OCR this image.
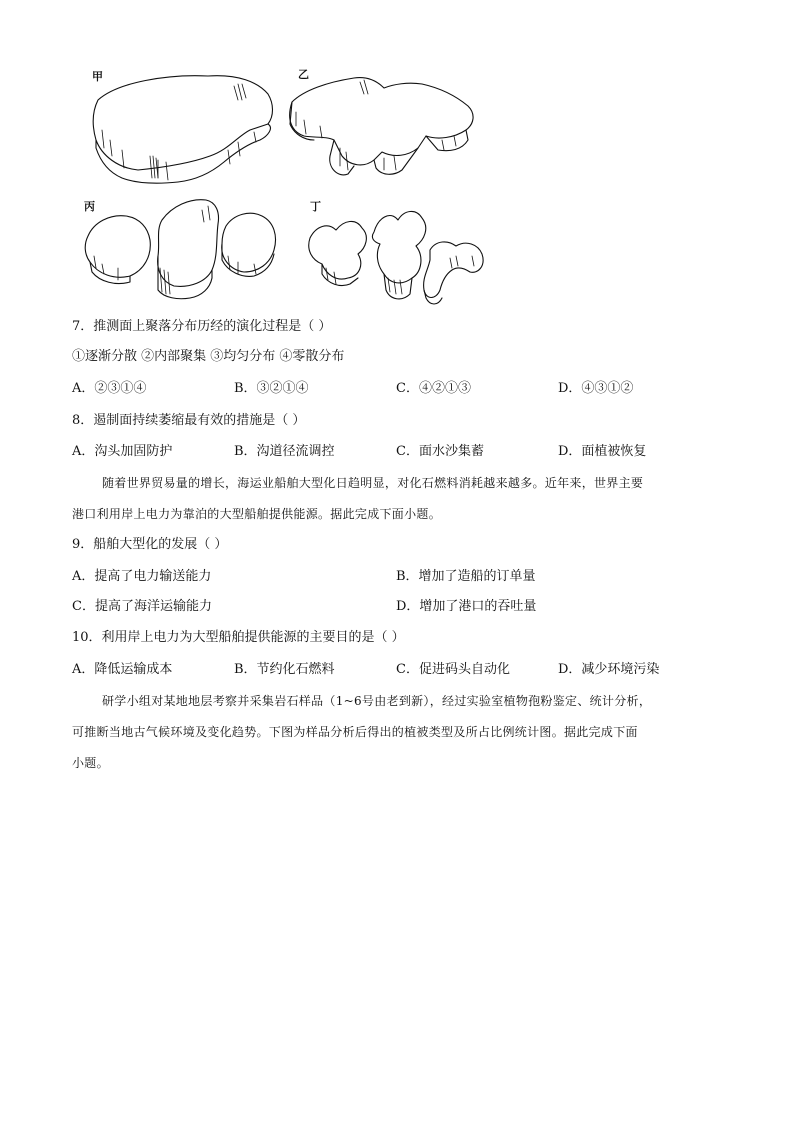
甲	乙
丙	丁
7．推测面上聚落分布历经的演化过程是（ ）
①逐渐分散 ②内部聚集 ③均匀分布 ④零散分布
A．②③①④	B．③②①④	C．④②①③	D．④③①②
8．遏制面持续萎缩最有效的措施是（ ）
A．沟头加固防护	B．沟道径流调控	C．面水沙集蓄	D．面植被恢复
随着世界贸易量的增长，海运业船舶大型化日趋明显，对化石燃料消耗越来越多。近年来，世界主要
港口利用岸上电力为靠泊的大型船舶提供能源。据此完成下面小题。
9．船舶大型化的发展（ ）
A．提高了电力输送能力	B．增加了造船的订单量
C．提高了海洋运输能力	D．增加了港口的吞吐量
10．利用岸上电力为大型船舶提供能源的主要目的是（ ）
A．降低运输成本	B．节约化石燃料	C．促进码头自动化	D．减少环境污染
研学小组对某地地层考察并采集岩石样品（1~6号由老到新），经过实验室植物孢粉鉴定、统计分析，
可推断当地古气候环境及变化趋势。下图为样品分析后得出的植被类型及所占比例统计图。据此完成下面
小题。
